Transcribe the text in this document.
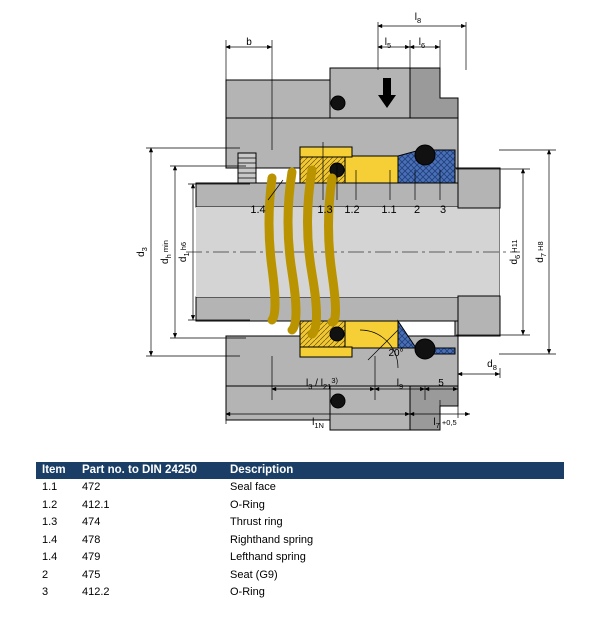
b	$l_5$	$l_6$
$l_8$
$d_3$
$d_h$ min
$d_1$ h6
$d_6$ H11
$d_7$ H8
$d_8$
$l_3 / l_{21}^{3)}$	$l_9$	5
$l_{1N}$	$l_7 +0,5$
20°
1.4	1.3 1.2 1.1 2 3
Item	Part no. to DIN 24250	Description
1.1	472	Seal face
1.2	412.1	O-Ring
1.3	474	Thrust ring
1.4	478	Righthand spring
1.4	479	Lefthand spring
2	475	Seat (G9)
3	412.2	O-Ring
